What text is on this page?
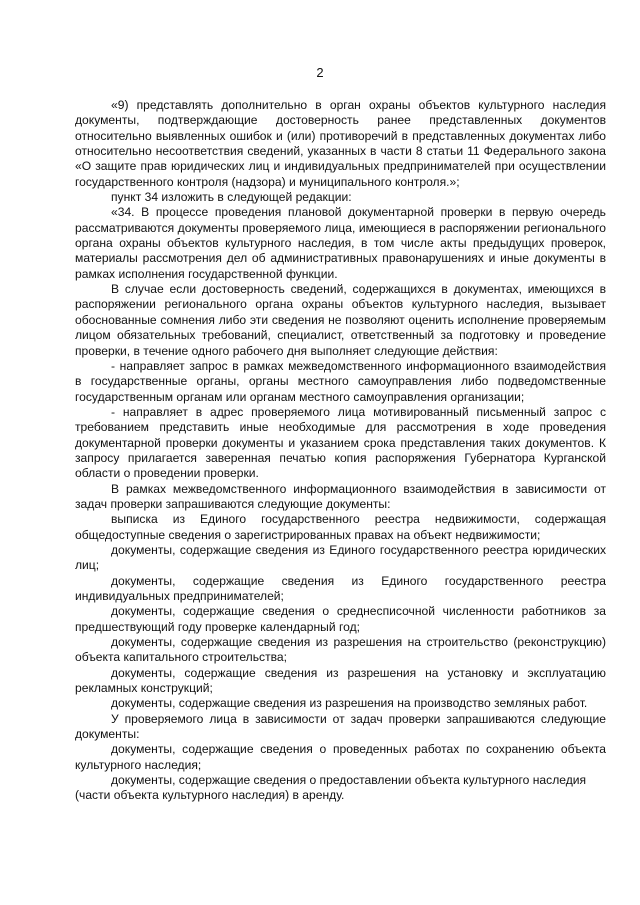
2

«9) представлять дополнительно в орган охраны объектов культурного наследия документы, подтверждающие достоверность ранее представленных документов относительно выявленных ошибок и (или) противоречий в представленных документах либо относительно несоответствия сведений, указанных в части 8 статьи 11 Федерального закона «О защите прав юридических лиц и индивидуальных предпринимателей при осуществлении государственного контроля (надзора) и муниципального контроля.»;

пункт 34 изложить в следующей редакции:

«34. В процессе проведения плановой документарной проверки в первую очередь рассматриваются документы проверяемого лица, имеющиеся в распоряжении регионального органа охраны объектов культурного наследия, в том числе акты предыдущих проверок, материалы рассмотрения дел об административных правонарушениях и иные документы в рамках исполнения государственной функции.

В случае если достоверность сведений, содержащихся в документах, имеющихся в распоряжении регионального органа охраны объектов культурного наследия, вызывает обоснованные сомнения либо эти сведения не позволяют оценить исполнение проверяемым лицом обязательных требований, специалист, ответственный за подготовку и проведение проверки, в течение одного рабочего дня выполняет следующие действия:

- направляет запрос в рамках межведомственного информационного взаимодействия в государственные органы, органы местного самоуправления либо подведомственные государственным органам или органам местного самоуправления организации;

- направляет в адрес проверяемого лица мотивированный письменный запрос с требованием представить иные необходимые для рассмотрения в ходе проведения документарной проверки документы и указанием срока представления таких документов. К запросу прилагается заверенная печатью копия распоряжения Губернатора Курганской области о проведении проверки.

В рамках межведомственного информационного взаимодействия в зависимости от задач проверки запрашиваются следующие документы:

выписка из Единого государственного реестра недвижимости, содержащая общедоступные сведения о зарегистрированных правах на объект недвижимости;

документы, содержащие сведения из Единого государственного реестра юридических лиц;

документы, содержащие сведения из Единого государственного реестра индивидуальных предпринимателей;

документы, содержащие сведения о среднесписочной численности работников за предшествующий году проверке календарный год;

документы, содержащие сведения из разрешения на строительство (реконструкцию) объекта капитального строительства;

документы, содержащие сведения из разрешения на установку и эксплуатацию рекламных конструкций;

документы, содержащие сведения из разрешения на производство земляных работ.

У проверяемого лица в зависимости от задач проверки запрашиваются следующие документы:

документы, содержащие сведения о проведенных работах по сохранению объекта культурного наследия;

документы, содержащие сведения о предоставлении объекта культурного наследия (части объекта культурного наследия) в аренду.
